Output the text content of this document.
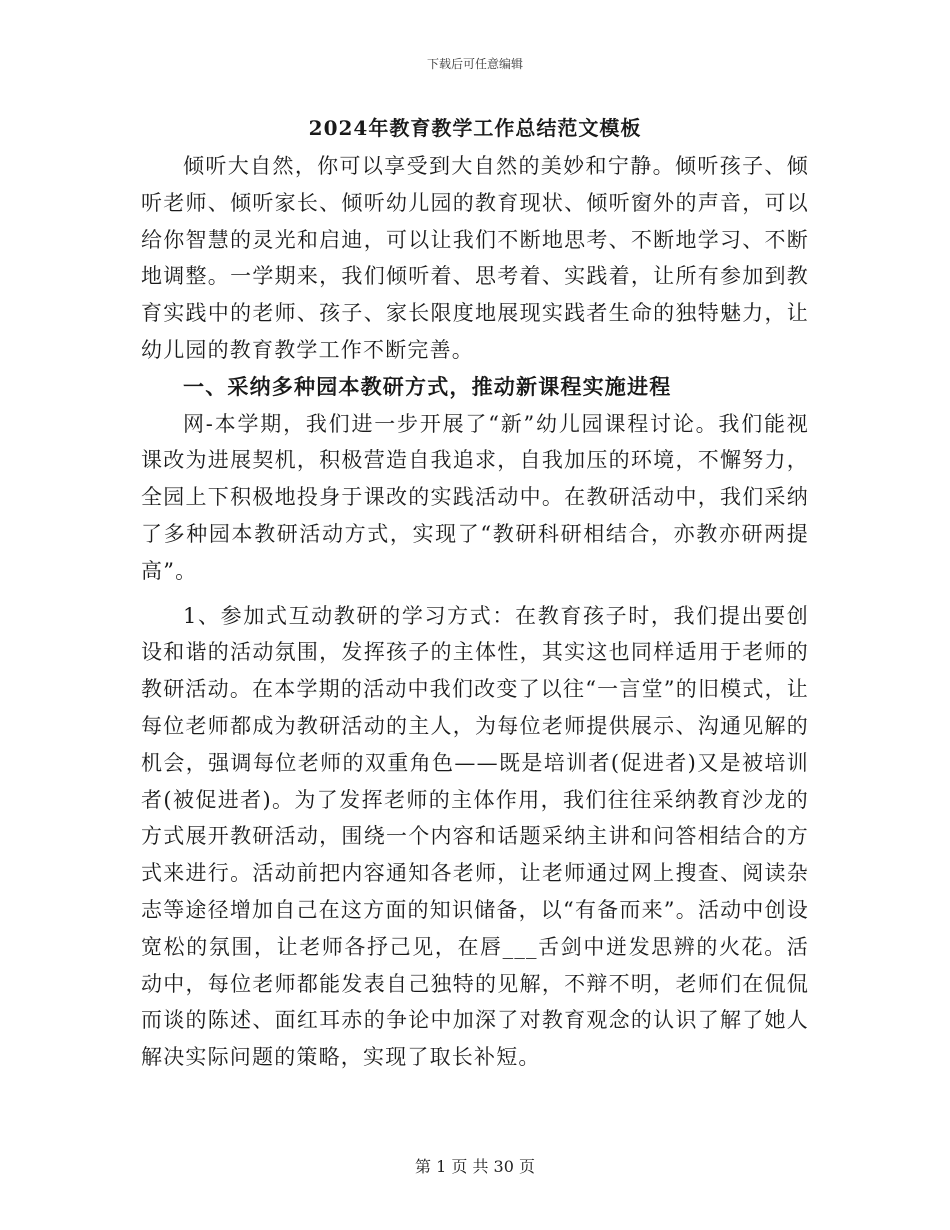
下载后可任意编辑
2024年教育教学工作总结范文模板

倾听大自然，你可以享受到大自然的美妙和宁静。倾听孩子、倾听老师、倾听家长、倾听幼儿园的教育现状、倾听窗外的声音，可以给你智慧的灵光和启迪，可以让我们不断地思考、不断地学习、不断地调整。一学期来，我们倾听着、思考着、实践着，让所有参加到教育实践中的老师、孩子、家长限度地展现实践者生命的独特魅力，让幼儿园的教育教学工作不断完善。

一、采纳多种园本教研方式，推动新课程实施进程

网-本学期，我们进一步开展了“新”幼儿园课程讨论。我们能视课改为进展契机，积极营造自我追求，自我加压的环境，不懈努力，全园上下积极地投身于课改的实践活动中。在教研活动中，我们采纳了多种园本教研活动方式，实现了“教研科研相结合，亦教亦研两提高”。

1、参加式互动教研的学习方式：在教育孩子时，我们提出要创设和谐的活动氛围，发挥孩子的主体性，其实这也同样适用于老师的教研活动。在本学期的活动中我们改变了以往“一言堂”的旧模式，让每位老师都成为教研活动的主人，为每位老师提供展示、沟通见解的机会，强调每位老师的双重角色——既是培训者(促进者)又是被培训者(被促进者)。为了发挥老师的主体作用，我们往往采纳教育沙龙的方式展开教研活动，围绕一个内容和话题采纳主讲和问答相结合的方式来进行。活动前把内容通知各老师，让老师通过网上搜查、阅读杂志等途径增加自己在这方面的知识储备，以“有备而来”。活动中创设宽松的氛围，让老师各抒己见，在唇___舌剑中迸发思辨的火花。活动中，每位老师都能发表自己独特的见解，不辩不明，老师们在侃侃而谈的陈述、面红耳赤的争论中加深了对教育观念的认识了解了她人解决实际问题的策略，实现了取长补短。

第 1 页 共 30 页
